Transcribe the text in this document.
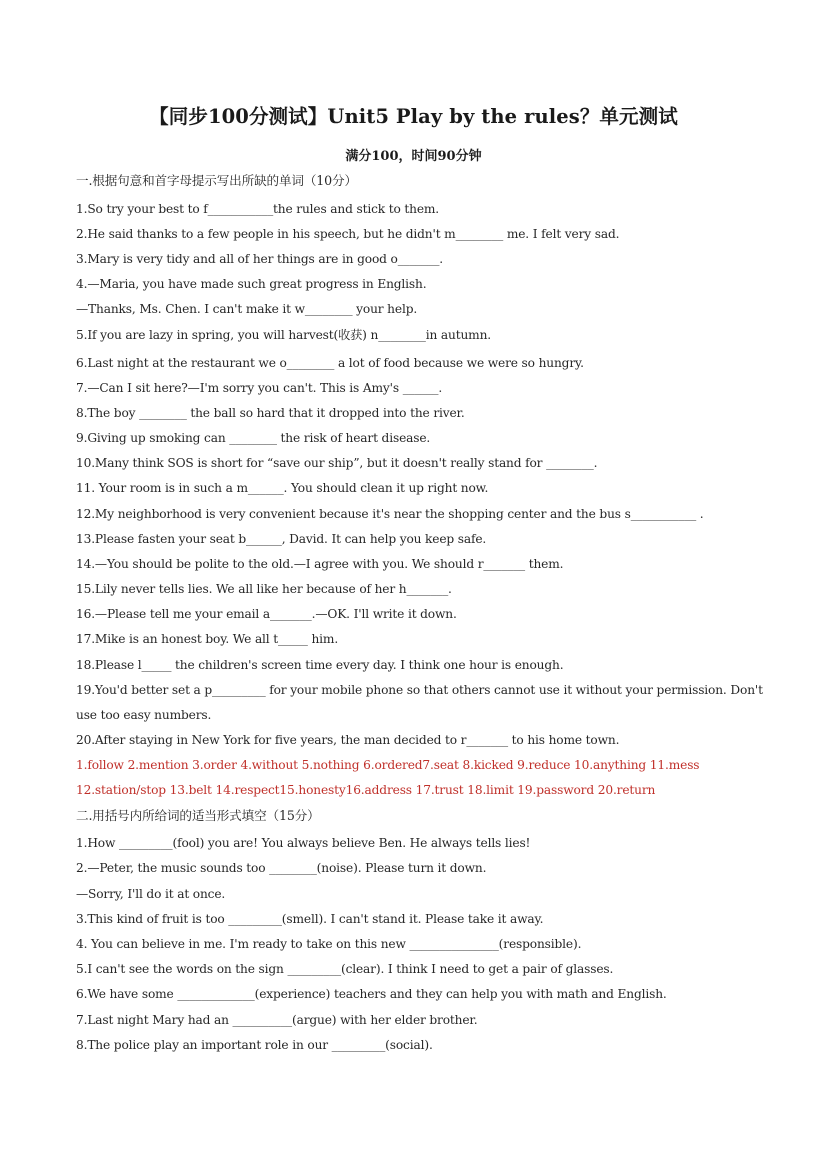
【同步100分测试】Unit5 Play by the rules？单元测试
满分100，时间90分钟
一.根据句意和首字母提示写出所缺的单词（10分）
1.So try your best to f___________the rules and stick to them.
2.He said thanks to a few people in his speech, but he didn't m________ me. I felt very sad.
3.Mary is very tidy and all of her things are in good o_______.
4.—Maria, you have made such great progress in English.
—Thanks, Ms. Chen. I can't make it w________ your help.
5.If you are lazy in spring, you will harvest(收获) n________in autumn.
6.Last night at the restaurant we o________ a lot of food because we were so hungry.
7.—Can I sit here?—I'm sorry you can't. This is Amy's ______.
8.The boy ________ the ball so hard that it dropped into the river.
9.Giving up smoking can ________ the risk of heart disease.
10.Many think SOS is short for “save our ship”, but it doesn't really stand for ________.
11. Your room is in such a m______. You should clean it up right now.
12.My neighborhood is very convenient because it's near the shopping center and the bus s___________ .
13.Please fasten your seat b______, David. It can help you keep safe.
14.—You should be polite to the old.—I agree with you. We should r_______ them.
15.Lily never tells lies. We all like her because of her h_______.
16.—Please tell me your email a_______.—OK. I'll write it down.
17.Mike is an honest boy. We all t_____ him.
18.Please l_____ the children's screen time every day. I think one hour is enough.
19.You'd better set a p_________ for your mobile phone so that others cannot use it without your permission. Don't
use too easy numbers.
20.After staying in New York for five years, the man decided to r_______ to his home town.
1.follow 2.mention 3.order 4.without 5.nothing 6.ordered7.seat 8.kicked 9.reduce 10.anything 11.mess
12.station/stop 13.belt 14.respect15.honesty16.address 17.trust 18.limit 19.password 20.return
二.用括号内所给词的适当形式填空（15分）
1.How _________(fool) you are! You always believe Ben. He always tells lies!
2.—Peter, the music sounds too ________(noise). Please turn it down.
—Sorry, I'll do it at once.
3.This kind of fruit is too _________(smell). I can't stand it. Please take it away.
4. You can believe in me. I'm ready to take on this new _______________(responsible).
5.I can't see the words on the sign _________(clear). I think I need to get a pair of glasses.
6.We have some _____________(experience) teachers and they can help you with math and English.
7.Last night Mary had an __________(argue) with her elder brother.
8.The police play an important role in our _________(social).
